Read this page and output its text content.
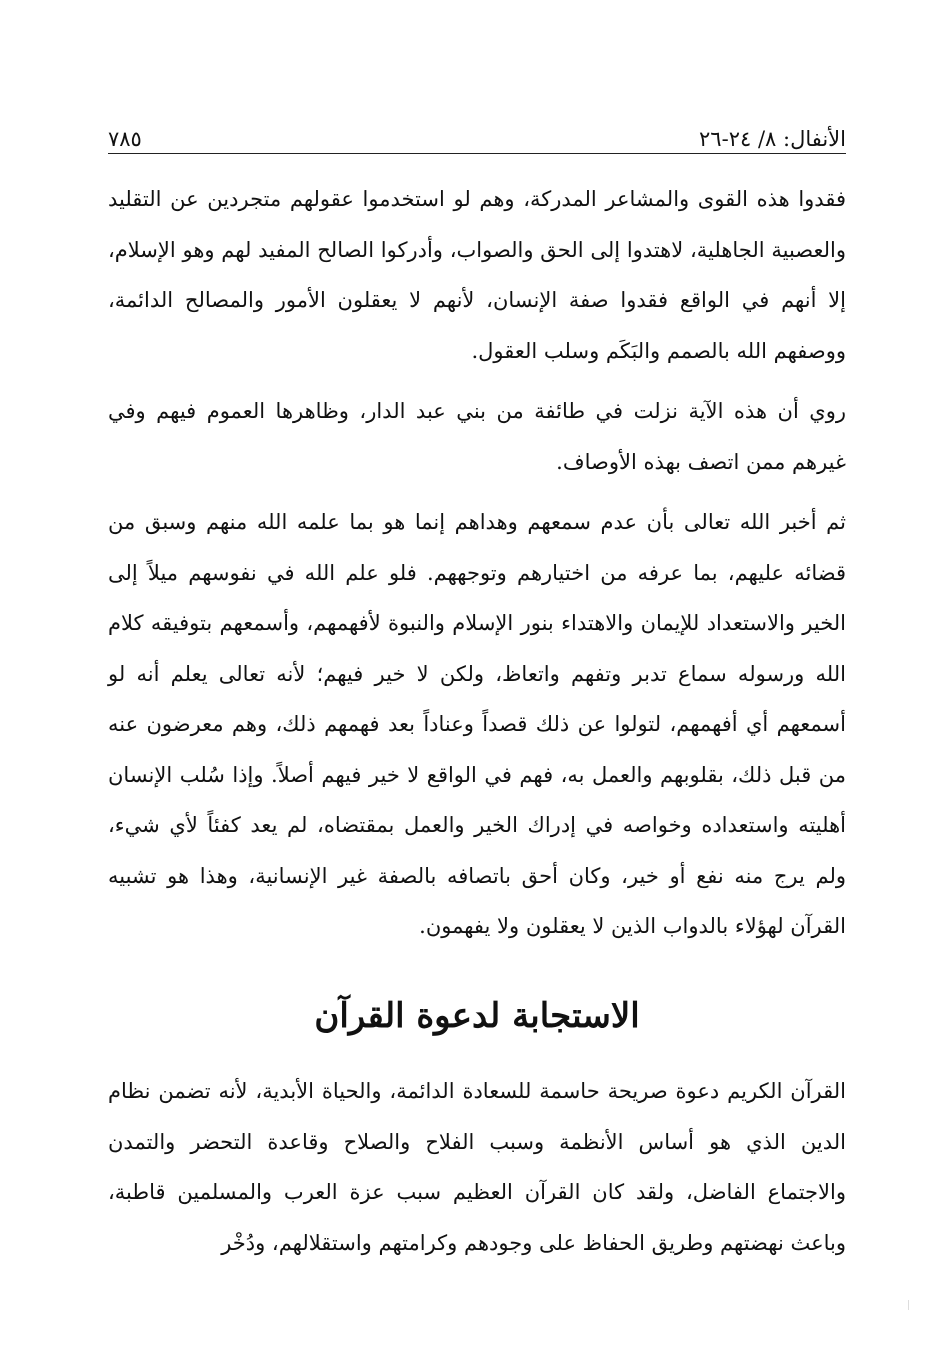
الأنفال: ٨/ ٢٤-٢٦
٧٨٥

فقدوا هذه القوى والمشاعر المدركة، وهم لو استخدموا عقولهم متجردين عن التقليد والعصبية الجاهلية، لاهتدوا إلى الحق والصواب، وأدركوا الصالح المفيد لهم وهو الإسلام، إلا أنهم في الواقع فقدوا صفة الإنسان، لأنهم لا يعقلون الأمور والمصالح الدائمة، ووصفهم الله بالصمم والبَكَم وسلب العقول.

روي أن هذه الآية نزلت في طائفة من بني عبد الدار، وظاهرها العموم فيهم وفي غيرهم ممن اتصف بهذه الأوصاف.

ثم أخبر الله تعالى بأن عدم سمعهم وهداهم إنما هو بما علمه الله منهم وسبق من قضائه عليهم، بما عرفه من اختيارهم وتوجههم. فلو علم الله في نفوسهم ميلاً إلى الخير والاستعداد للإيمان والاهتداء بنور الإسلام والنبوة لأفهمهم، وأسمعهم بتوفيقه كلام الله ورسوله سماع تدبر وتفهم واتعاظ، ولكن لا خير فيهم؛ لأنه تعالى يعلم أنه لو أسمعهم أي أفهمهم، لتولوا عن ذلك قصداً وعناداً بعد فهمهم ذلك، وهم معرضون عنه من قبل ذلك، بقلوبهم والعمل به، فهم في الواقع لا خير فيهم أصلاً. وإذا سُلب الإنسان أهليته واستعداده وخواصه في إدراك الخير والعمل بمقتضاه، لم يعد كفئاً لأي شيء، ولم يرج منه نفع أو خير، وكان أحق باتصافه بالصفة غير الإنسانية، وهذا هو تشبيه القرآن لهؤلاء بالدواب الذين لا يعقلون ولا يفهمون.

الاستجابة لدعوة القرآن

القرآن الكريم دعوة صريحة حاسمة للسعادة الدائمة، والحياة الأبدية، لأنه تضمن نظام الدين الذي هو أساس الأنظمة وسبب الفلاح والصلاح وقاعدة التحضر والتمدن والاجتماع الفاضل، ولقد كان القرآن العظيم سبب عزة العرب والمسلمين قاطبة، وباعث نهضتهم وطريق الحفاظ على وجودهم وكرامتهم واستقلالهم، ودُخْر
